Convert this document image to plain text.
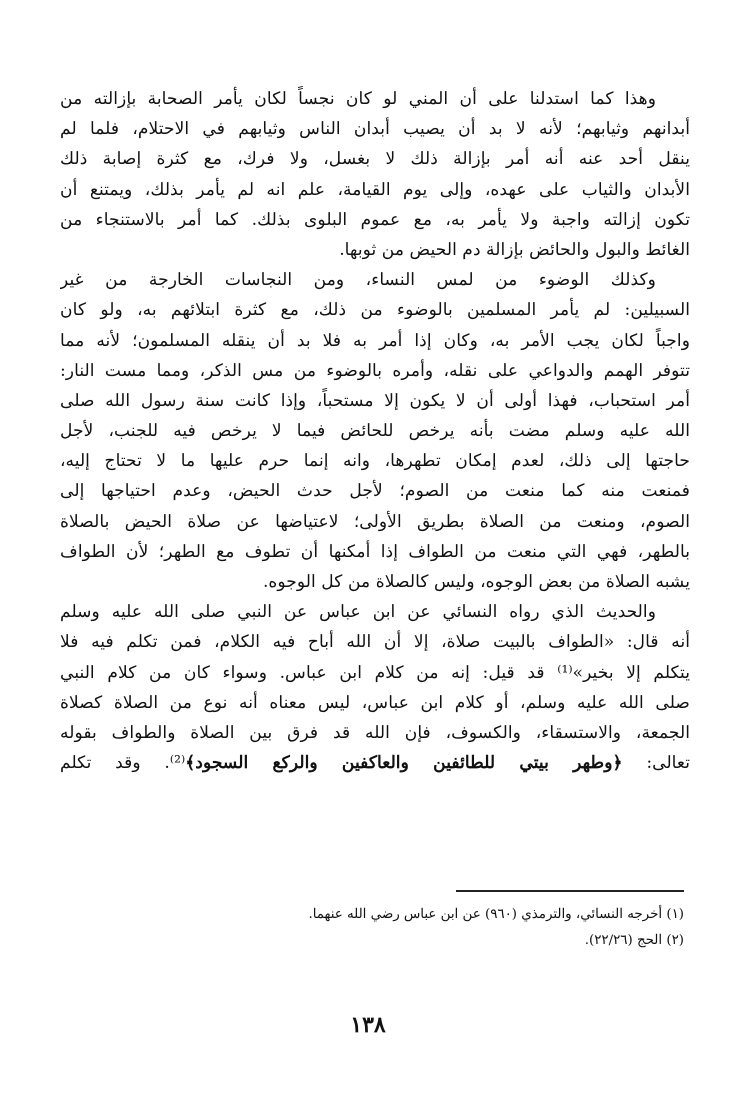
وهذا كما استدلنا على أن المني لو كان نجساً لكان يأمر الصحابة بإزالته من
أبدانهم وثيابهم؛ لأنه لا بد أن يصيب أبدان الناس وثيابهم في الاحتلام، فلما لم
ينقل أحد عنه أنه أمر بإزالة ذلك لا بغسل، ولا فرك، مع كثرة إصابة ذلك
الأبدان والثياب على عهده، وإلى يوم القيامة، علم انه لم يأمر بذلك، ويمتنع أن
تكون إزالته واجبة ولا يأمر به، مع عموم البلوى بذلك. كما أمر بالاستنجاء من
الغائط والبول والحائض بإزالة دم الحيض من ثوبها.
وكذلك الوضوء من لمس النساء، ومن النجاسات الخارجة من غير
السبيلين: لم يأمر المسلمين بالوضوء من ذلك، مع كثرة ابتلائهم به، ولو كان
واجباً لكان يجب الأمر به، وكان إذا أمر به فلا بد أن ينقله المسلمون؛ لأنه مما
تتوفر الهمم والدواعي على نقله، وأمره بالوضوء من مس الذكر، ومما مست النار:
أمر استحباب، فهذا أولى أن لا يكون إلا مستحباً، وإذا كانت سنة رسول الله صلى
الله عليه وسلم مضت بأنه يرخص للحائض فيما لا يرخص فيه للجنب، لأجل
حاجتها إلى ذلك، لعدم إمكان تطهرها، وانه إنما حرم عليها ما لا تحتاج إليه،
فمنعت منه كما منعت من الصوم؛ لأجل حدث الحيض، وعدم احتياجها إلى
الصوم، ومنعت من الصلاة بطريق الأولى؛ لاعتياضها عن صلاة الحيض بالصلاة
بالطهر، فهي التي منعت من الطواف إذا أمكنها أن تطوف مع الطهر؛ لأن الطواف
يشبه الصلاة من بعض الوجوه، وليس كالصلاة من كل الوجوه.
والحديث الذي رواه النسائي عن ابن عباس عن النبي صلى الله عليه وسلم
أنه قال: «الطواف بالبيت صلاة، إلا أن الله أباح فيه الكلام، فمن تكلم فيه فلا
يتكلم إلا بخير»⁽¹⁾ قد قيل: إنه من كلام ابن عباس. وسواء كان من كلام النبي
صلى الله عليه وسلم، أو كلام ابن عباس، ليس معناه أنه نوع من الصلاة كصلاة
الجمعة، والاستسقاء، والكسوف، فإن الله قد فرق بين الصلاة والطواف بقوله
تعالى: ﴿وطهر بيتي للطائفين والعاكفين والركع السجود﴾⁽²⁾. وقد تكلم
(١) أخرجه النسائي، والترمذي (٩٦٠) عن ابن عباس رضي الله عنهما.
(٢) الحج (٢٢/٢٦).
١٣٨
